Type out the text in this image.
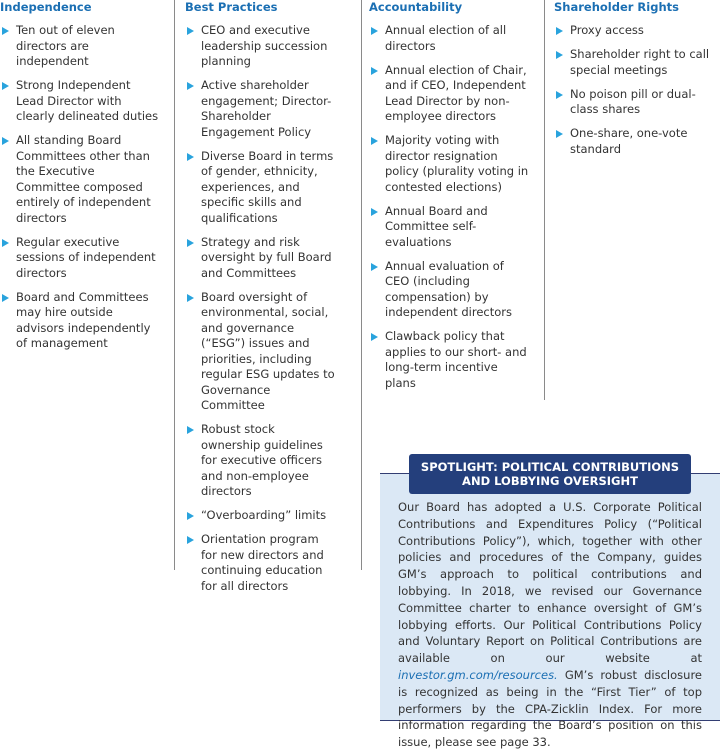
Independence
Ten out of eleven directors are independent
Strong Independent Lead Director with clearly delineated duties
All standing Board Committees other than the Executive Committee composed entirely of independent directors
Regular executive sessions of independent directors
Board and Committees may hire outside advisors independently of management
Best Practices
CEO and executive leadership succession planning
Active shareholder engagement; Director-Shareholder Engagement Policy
Diverse Board in terms of gender, ethnicity, experiences, and specific skills and qualifications
Strategy and risk oversight by full Board and Committees
Board oversight of environmental, social, and governance (“ESG”) issues and priorities, including regular ESG updates to Governance Committee
Robust stock ownership guidelines for executive officers and non-employee directors
“Overboarding” limits
Orientation program for new directors and continuing education for all directors
Accountability
Annual election of all directors
Annual election of Chair, and if CEO, Independent Lead Director by non-employee directors
Majority voting with director resignation policy (plurality voting in contested elections)
Annual Board and Committee self-evaluations
Annual evaluation of CEO (including compensation) by independent directors
Clawback policy that applies to our short- and long-term incentive plans
Shareholder Rights
Proxy access
Shareholder right to call special meetings
No poison pill or dual-class shares
One-share, one-vote standard
SPOTLIGHT: POLITICAL CONTRIBUTIONS
AND LOBBYING OVERSIGHT
Our Board has adopted a U.S. Corporate Political Contributions and Expenditures Policy (“Political Contributions Policy”), which, together with other policies and procedures of the Company, guides GM’s approach to political contributions and lobbying. In 2018, we revised our Governance Committee charter to enhance oversight of GM’s lobbying efforts. Our Political Contributions Policy and Voluntary Report on Political Contributions are available on our website at investor.gm.com/resources. GM’s robust disclosure is recognized as being in the “First Tier” of top performers by the CPA-Zicklin Index. For more information regarding the Board’s position on this issue, please see page 33.
